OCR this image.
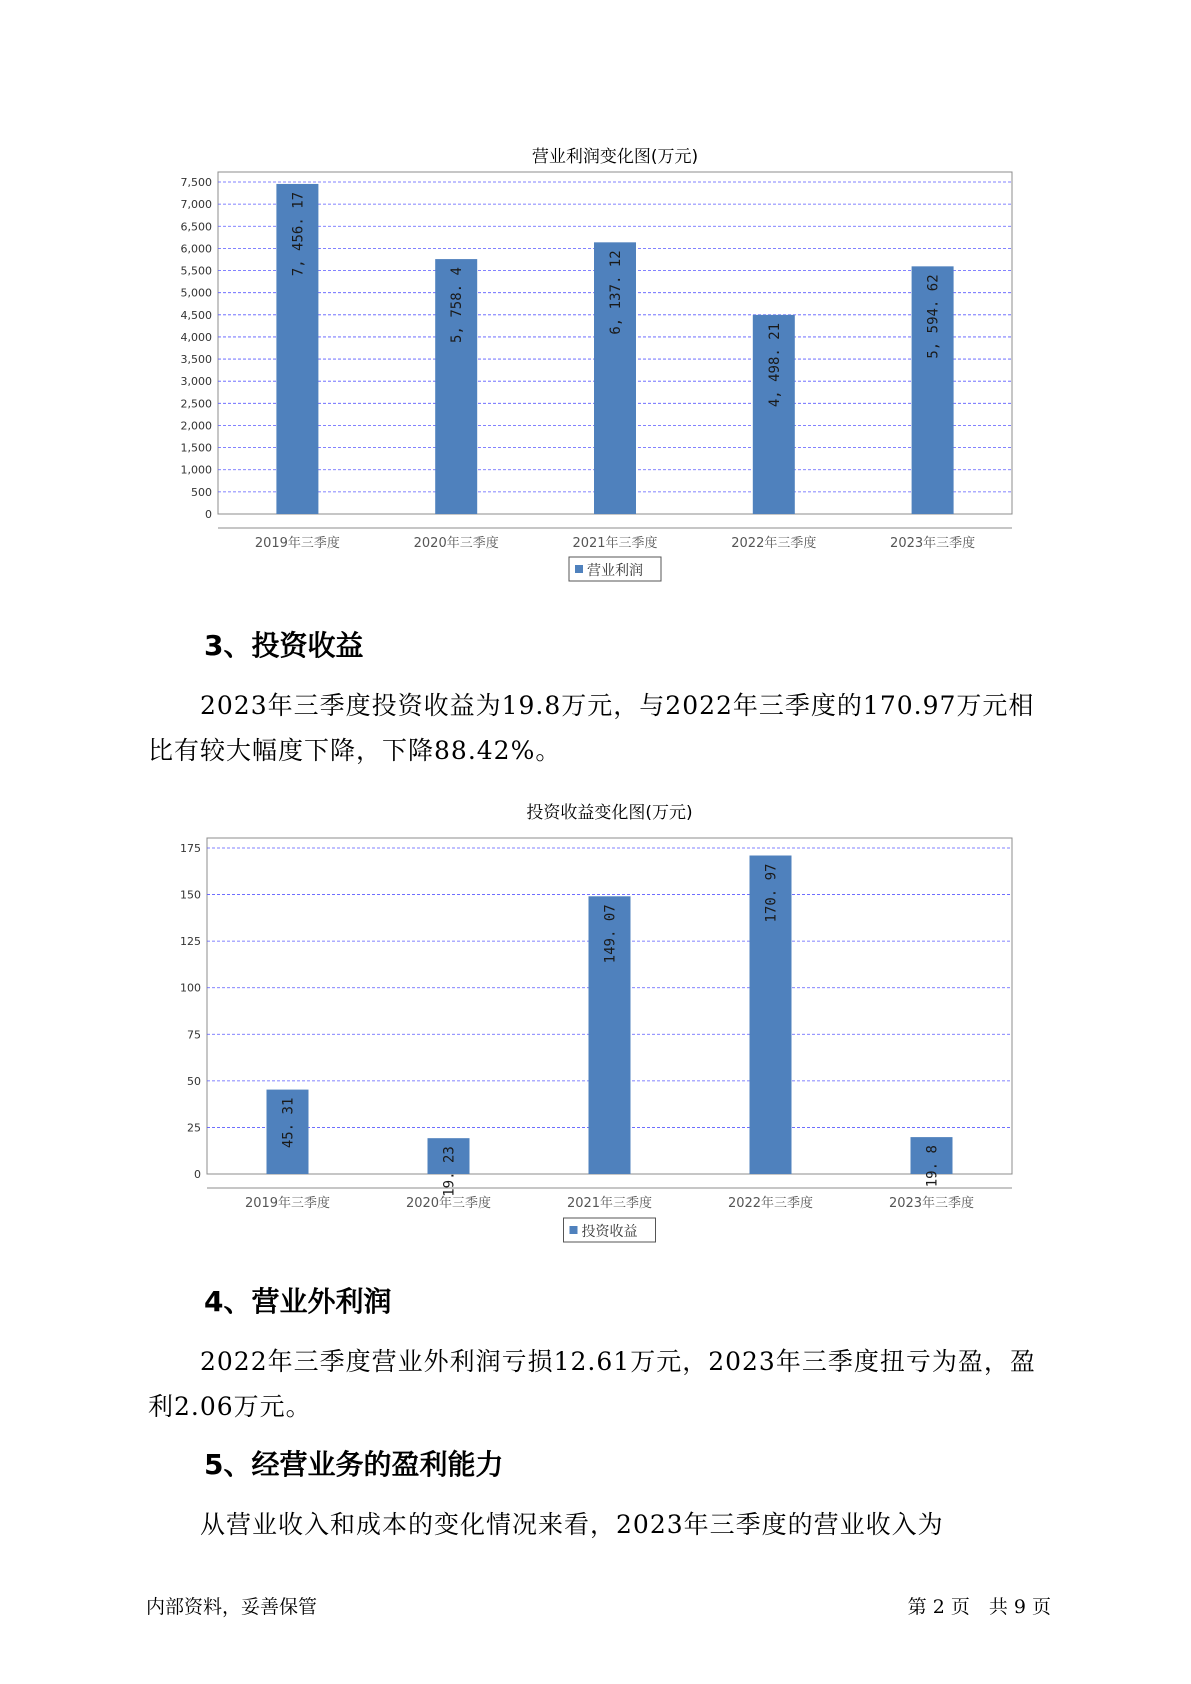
营业利润变化图(万元)
0
500
1,000
1,500
2,000
2,500
3,000
3,500
4,000
4,500
5,000
5,500
6,000
6,500
7,000
7,500
7, 456. 17
2019年三季度
5, 758. 4
2020年三季度
6, 137. 12
2021年三季度
4, 498. 21
2022年三季度
5, 594. 62
2023年三季度
营业利润
3、投资收益

2023年三季度投资收益为19.8万元，与2022年三季度的170.97万元相比有较大幅度下降，下降88.42%。

投资收益变化图(万元)
0
25
50
75
100
125
150
175
45. 31
2019年三季度
19. 23
2020年三季度
149. 07
2021年三季度
170. 97
2022年三季度
19. 8
2023年三季度
投资收益
4、营业外利润

2022年三季度营业外利润亏损12.61万元，2023年三季度扭亏为盈，盈利2.06万元。

5、经营业务的盈利能力

从营业收入和成本的变化情况来看，2023年三季度的营业收入为

内部资料，妥善保管	第 2 页　共 9 页
